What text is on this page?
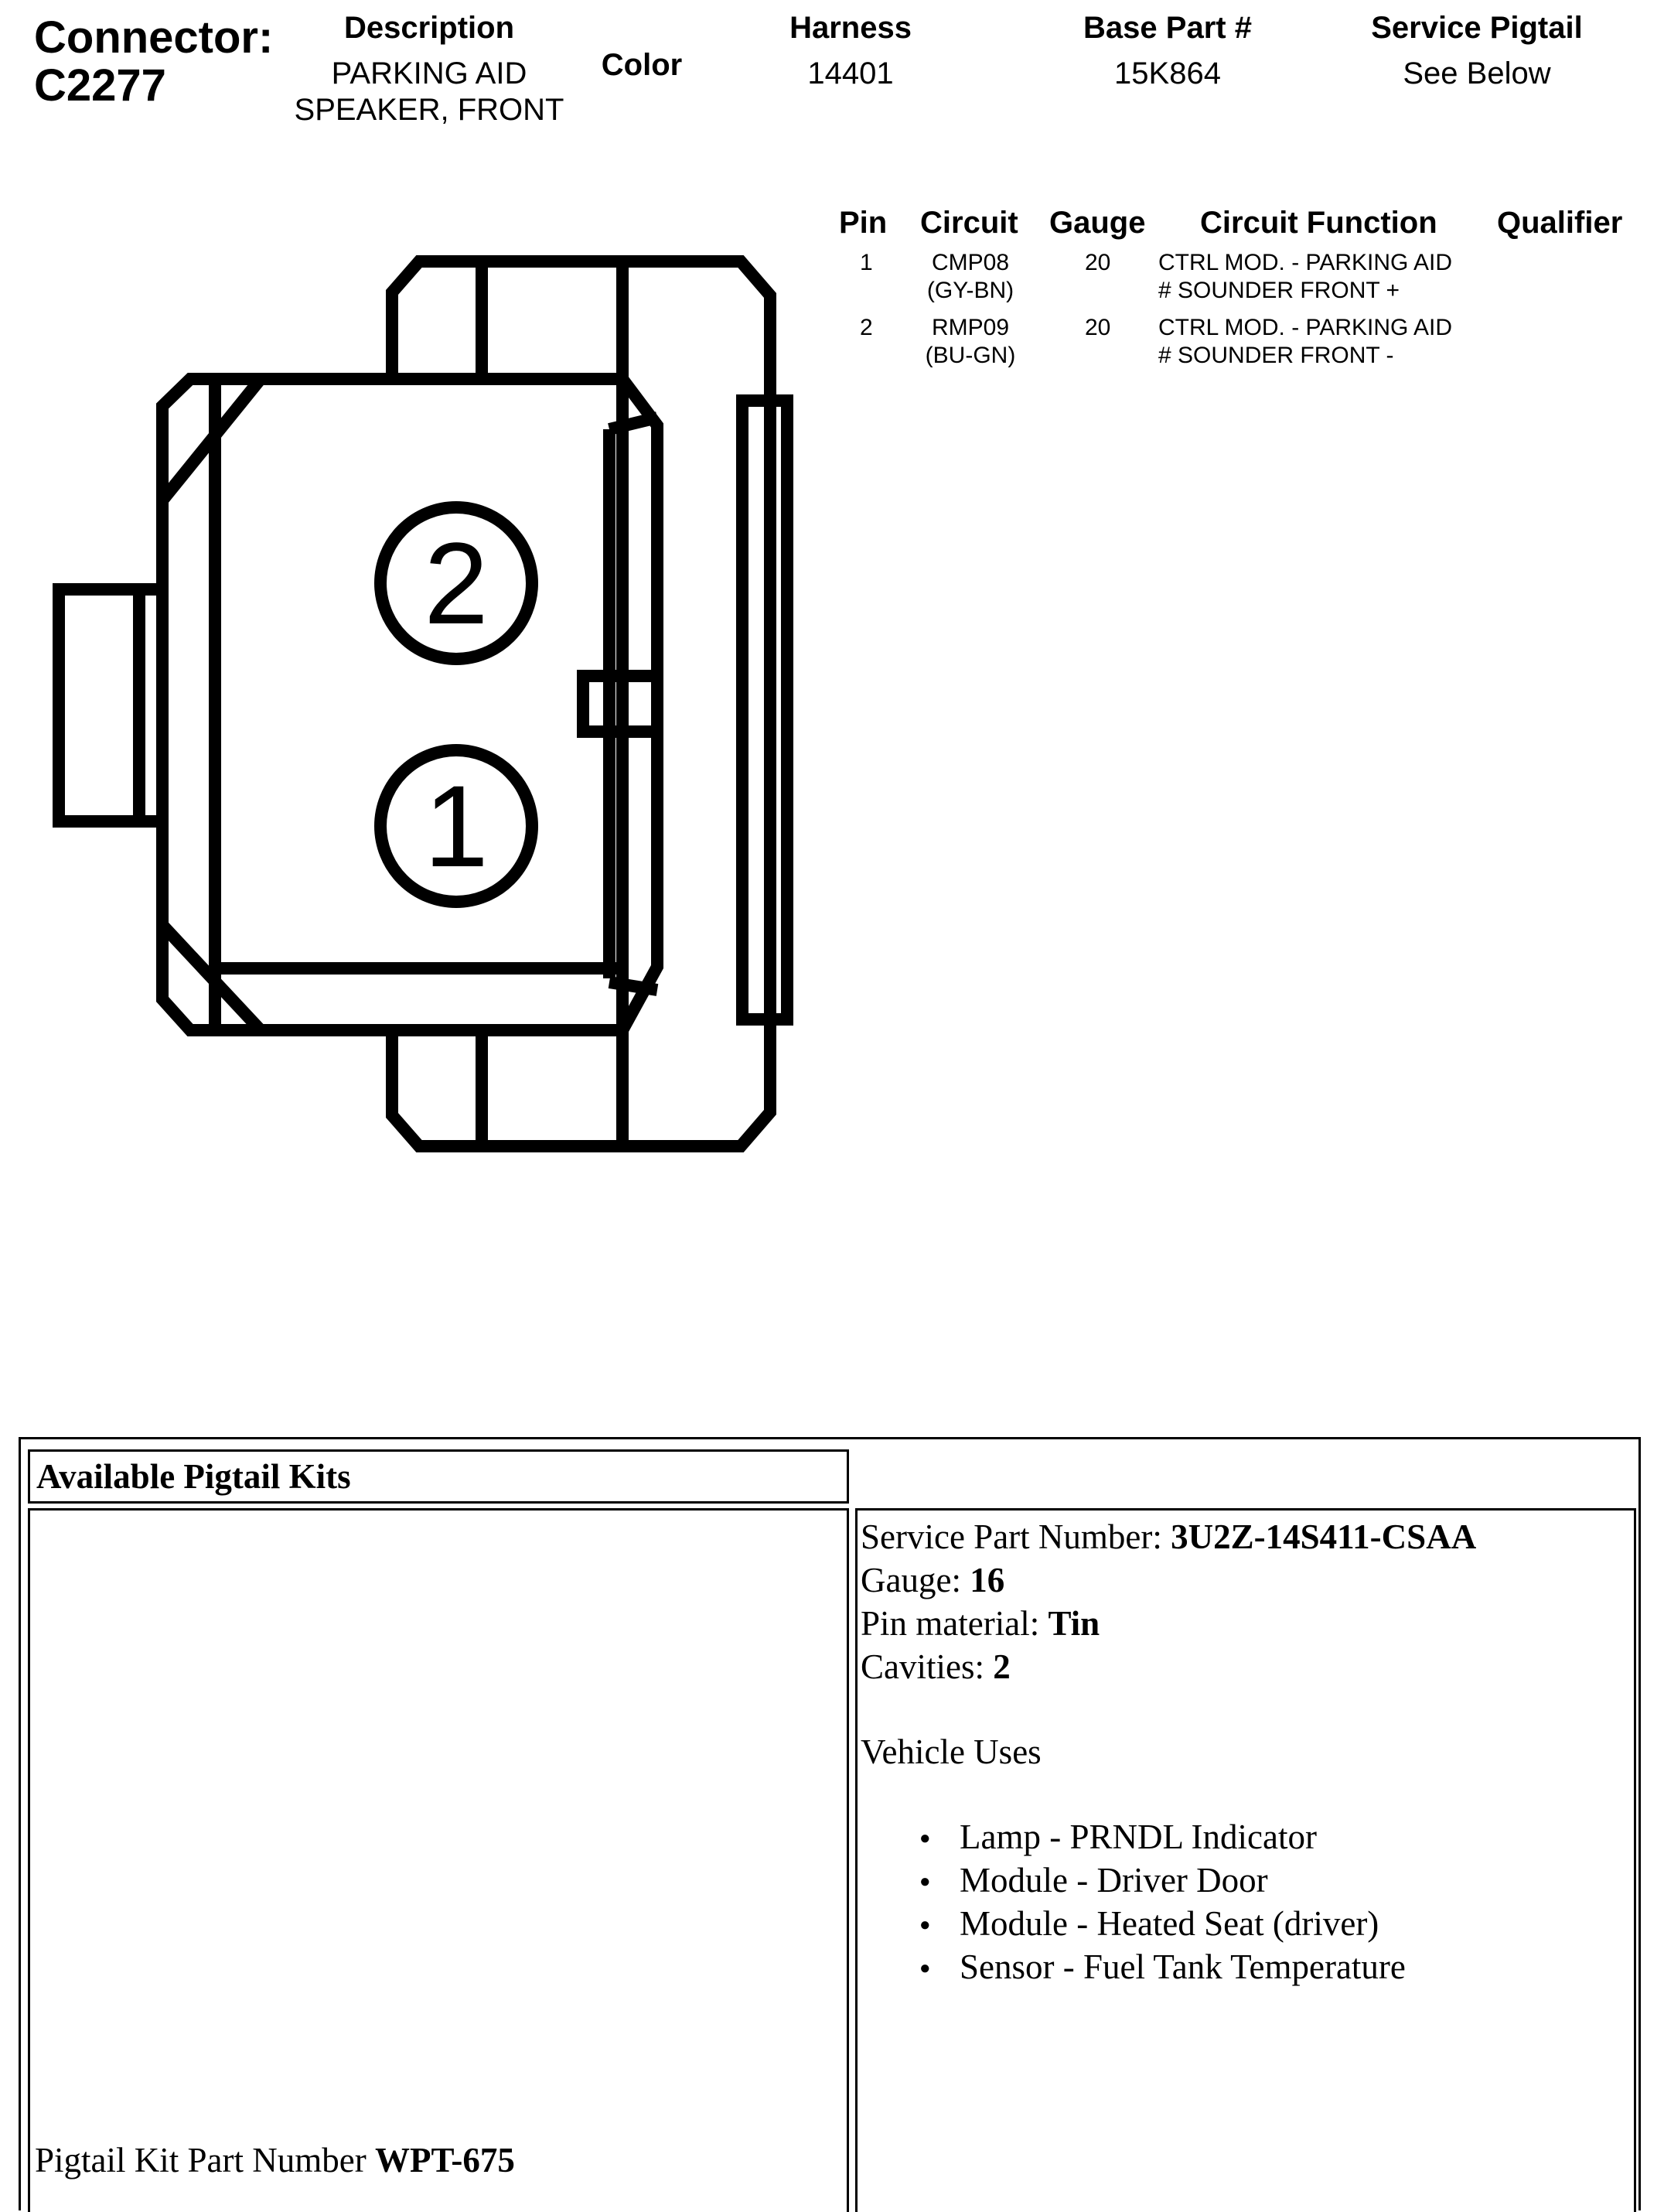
Connector:
C2277
Description
PARKING AID
SPEAKER, FRONT
Color
Harness
14401
Base Part #
15K864
Service Pigtail
See Below
Pin Circuit Gauge Circuit Function Qualifier
1	CMP08
(GY-BN)
20 CTRL MOD. - PARKING AID
# SOUNDER FRONT +
2	RMP09
(BU-GN)
20 CTRL MOD. - PARKING AID
# SOUNDER FRONT -
2
1
Available Pigtail Kits
Pigtail Kit Part Number WPT-675
Service Part Number: 3U2Z-14S411-CSAA
Gauge: 16
Pin material: Tin
Cavities: 2
Vehicle Uses
● Lamp - PRNDL Indicator
● Module - Driver Door
● Module - Heated Seat (driver)
● Sensor - Fuel Tank Temperature
